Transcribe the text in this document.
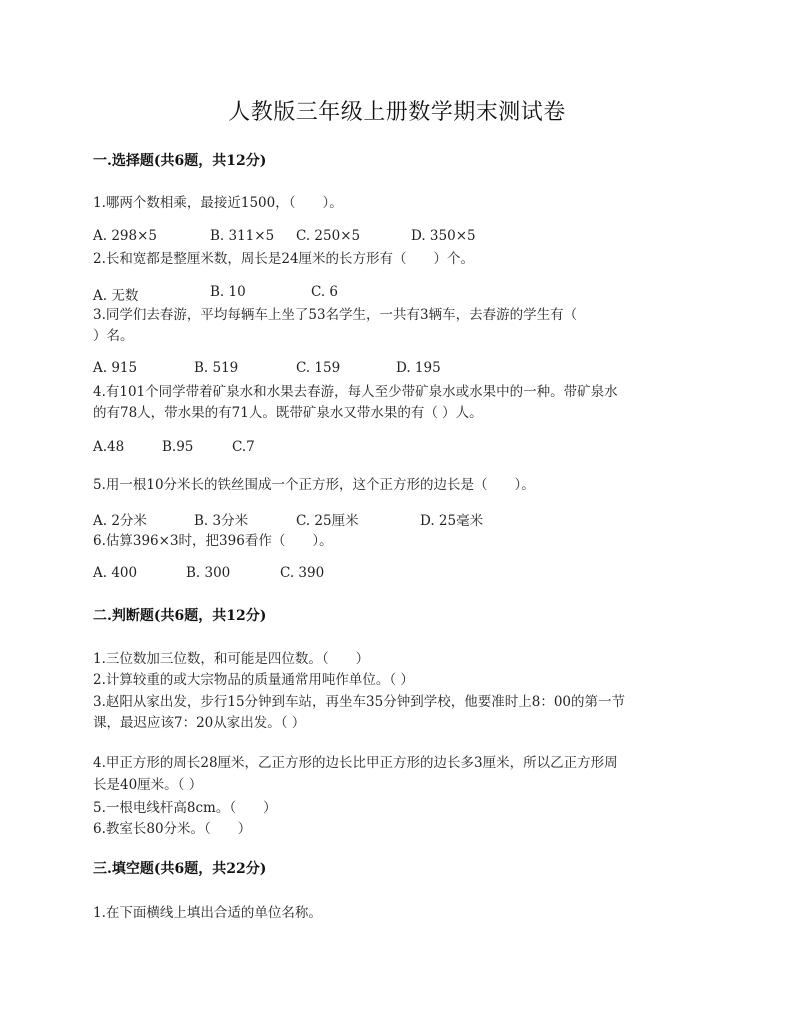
人教版三年级上册数学期末测试卷
一.选择题(共6题，共12分)
1.哪两个数相乘，最接近1500，（　　）。
A. 298×5	B. 311×5 C. 250×5	D. 350×5
2.长和宽都是整厘米数，周长是24厘米的长方形有（　　）个。
A. 无数	B. 10	C. 6
3.同学们去春游，平均每辆车上坐了53名学生，一共有3辆车，去春游的学生有（
）名。
A. 915	B. 519	C. 159	D. 195
4.有101个同学带着矿泉水和水果去春游，每人至少带矿泉水或水果中的一种。带矿泉水
的有78人，带水果的有71人。既带矿泉水又带水果的有（ ）人。
A.48	B.95	C.7
5.用一根10分米长的铁丝围成一个正方形，这个正方形的边长是（　　）。
A. 2分米	B. 3分米	C. 25厘米	D. 25毫米
6.估算396×3时，把396看作（　　）。
A. 400	B. 300	C. 390
二.判断题(共6题，共12分)
1.三位数加三位数，和可能是四位数。（　　）
2.计算较重的或大宗物品的质量通常用吨作单位。（ ）
3.赵阳从家出发，步行15分钟到车站，再坐车35分钟到学校，他要准时上8：00的第一节
课，最迟应该7：20从家出发。（ ）
4.甲正方形的周长28厘米，乙正方形的边长比甲正方形的边长多3厘米，所以乙正方形周
长是40厘米。（ ）
5.一根电线杆高8cm。（　　）
6.教室长80分米。（　　）
三.填空题(共6题，共22分)
1.在下面横线上填出合适的单位名称。
